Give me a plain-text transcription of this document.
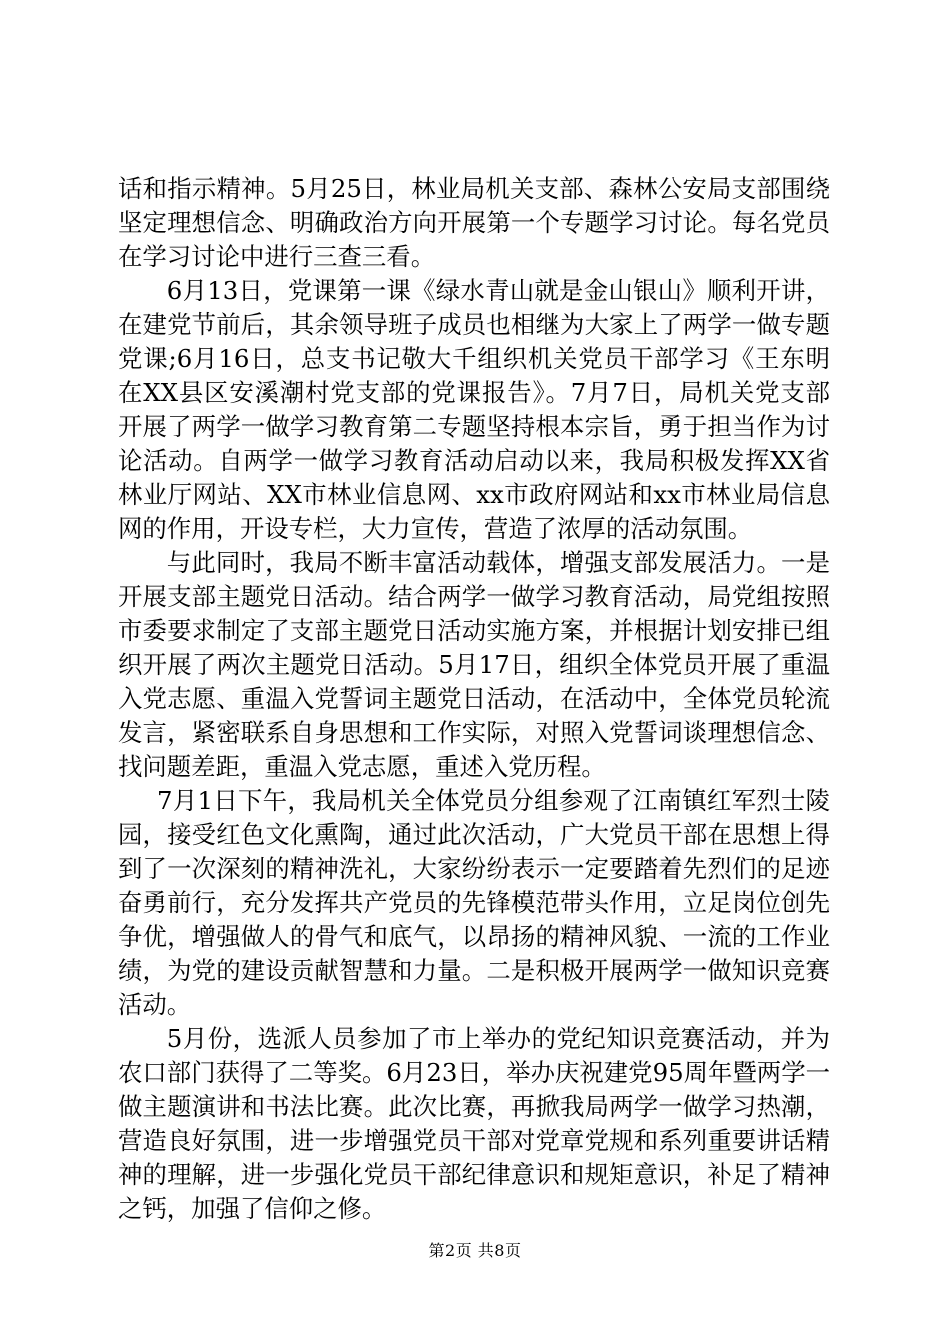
话和指示精神。5月25日，林业局机关支部、森林公安局支部围绕坚定理想信念、明确政治方向开展第一个专题学习讨论。每名党员在学习讨论中进行三查三看。

6月13日，党课第一课《绿水青山就是金山银山》顺利开讲，在建党节前后，其余领导班子成员也相继为大家上了两学一做专题党课;6月16日，总支书记敬大千组织机关党员干部学习《王东明在XX县区安溪潮村党支部的党课报告》。7月7日，局机关党支部开展了两学一做学习教育第二专题坚持根本宗旨，勇于担当作为讨论活动。自两学一做学习教育活动启动以来，我局积极发挥XX省林业厅网站、XX市林业信息网、xx市政府网站和xx市林业局信息网的作用，开设专栏，大力宣传，营造了浓厚的活动氛围。

与此同时，我局不断丰富活动载体，增强支部发展活力。一是开展支部主题党日活动。结合两学一做学习教育活动，局党组按照市委要求制定了支部主题党日活动实施方案，并根据计划安排已组织开展了两次主题党日活动。5月17日，组织全体党员开展了重温入党志愿、重温入党誓词主题党日活动，在活动中，全体党员轮流发言，紧密联系自身思想和工作实际，对照入党誓词谈理想信念、找问题差距，重温入党志愿，重述入党历程。

7月1日下午，我局机关全体党员分组参观了江南镇红军烈士陵园，接受红色文化熏陶，通过此次活动，广大党员干部在思想上得到了一次深刻的精神洗礼，大家纷纷表示一定要踏着先烈们的足迹奋勇前行，充分发挥共产党员的先锋模范带头作用，立足岗位创先争优，增强做人的骨气和底气，以昂扬的精神风貌、一流的工作业绩，为党的建设贡献智慧和力量。二是积极开展两学一做知识竞赛活动。

5月份，选派人员参加了市上举办的党纪知识竞赛活动，并为农口部门获得了二等奖。6月23日，举办庆祝建党95周年暨两学一做主题演讲和书法比赛。此次比赛，再掀我局两学一做学习热潮，营造良好氛围，进一步增强党员干部对党章党规和系列重要讲话精神的理解，进一步强化党员干部纪律意识和规矩意识，补足了精神之钙，加强了信仰之修。

第2页 共8页
